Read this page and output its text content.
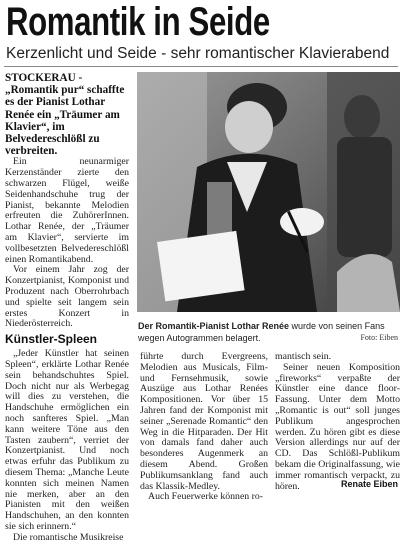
Romantik in Seide
Kerzenlicht und Seide - sehr romantischer Klavierabend

STOCKERAU - „Romantik pur“ schaffte es der Pianist Lothar Renée ein „Träumer am Klavier“, im Belvedereschlößl zu verbreiten.

Ein neunarmiger Kerzenständer zierte den schwarzen Flügel, weiße Seidenhandschuhe trug der Pianist, bekannte Melodien erfreuten die ZuhörerInnen. Lothar Renée, der „Träumer am Klavier“, servierte im vollbesetzten Belvedereschlößl einen Romantikabend.

Vor einem Jahr zog der Konzertpianist, Komponist und Produzent nach Oberrohrbach und spielte seit langem sein erstes Konzert in Niederösterreich.

Künstler-Spleen

„Jeder Künstler hat seinen Spleen“, erklärte Lothar Renée sein behandschuhtes Spiel. Doch nicht nur als Werbegag will dies zu verstehen, die Handschuhe ermöglichen ein noch sanfteres Spiel. „Man kann weitere Töne aus den Tasten zaubern“, verriet der Konzertpianist. Und noch etwas erfuhr das Publikum zu diesem Thema: „Manche Leute konnten sich meinen Namen nie merken, aber an den Pianisten mit den weißen Handschuhen, an den konnten sie sich erinnern.“

Die romantische Musikreise

Der Romantik-Pianist Lothar Renée wurde von seinen Fans wegen Autogrammen belagert.	Foto: Eiben

führte durch Evergreens, Melodien aus Musicals, Film- und Fernsehmusik, sowie Auszüge aus Lothar Renées Kompositionen. Vor über 15 Jahren fand der Komponist mit seiner „Serenade Romantic“ den Weg in die Hitparaden. Der Hit von damals fand daher auch besonderes Augenmerk an diesem Abend. Großen Publikumsanklang fand auch das Klassik-Medley.

Auch Feuerwerke können ro-

mantisch sein.

Seiner neuen Komposition „fireworks“ verpaßte der Künstler eine dance floor-Fassung. Unter dem Motto „Romantic is out“ soll junges Publikum angesprochen werden. Zu hören gibt es diese Version allerdings nur auf der CD. Das Schlößl-Publikum bekam die Originalfassung, wie immer romantisch verpackt, zu hören.	Renate Eiben
